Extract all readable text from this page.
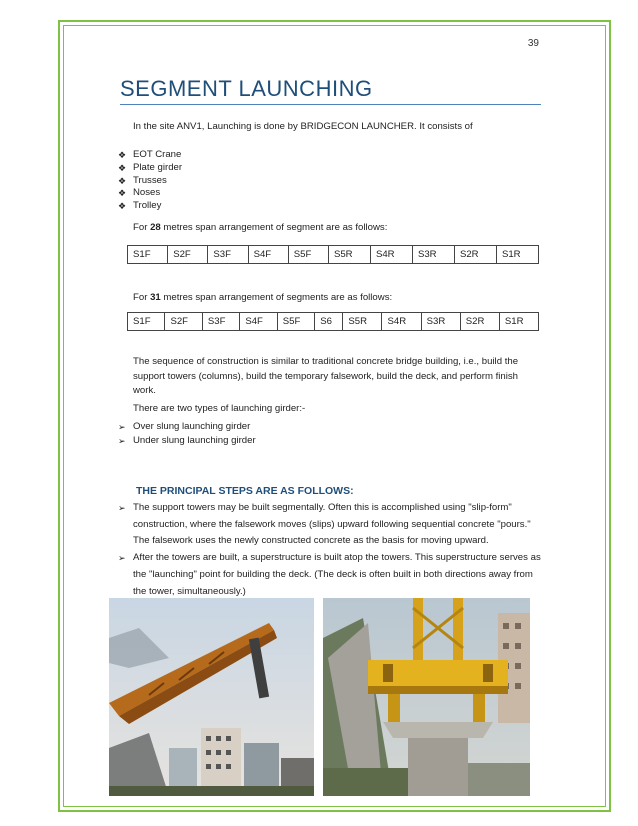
39
SEGMENT LAUNCHING
In the site ANV1, Launching is done by BRIDGECON LAUNCHER. It consists of
❖ EOT Crane
❖ Plate girder
❖ Trusses
❖ Noses
❖ Trolley
For 28 metres span arrangement of segment are as follows:
S1F	S2F	S3F	S4F	S5F	S5R	S4R	S3R	S2R	S1R
For 31 metres span arrangement of segments are as follows:
S1F	S2F	S3F	S4F	S5F	S6	S5R	S4R	S3R	S2R	S1R
The sequence of construction is similar to traditional concrete bridge building, i.e., build the support towers (columns), build the temporary falsework, build the deck, and perform finish work.
There are two types of launching girder:-
➢ Over slung launching girder
➢ Under slung launching girder
THE PRINCIPAL STEPS ARE AS FOLLOWS:
➢ The support towers may be built segmentally. Often this is accomplished using "slip-form" construction, where the falsework moves (slips) upward following sequential concrete "pours." The falsework uses the newly constructed concrete as the basis for moving upward.
➢ After the towers are built, a superstructure is built atop the towers. This superstructure serves as the "launching" point for building the deck. (The deck is often built in both directions away from the tower, simultaneously.)
